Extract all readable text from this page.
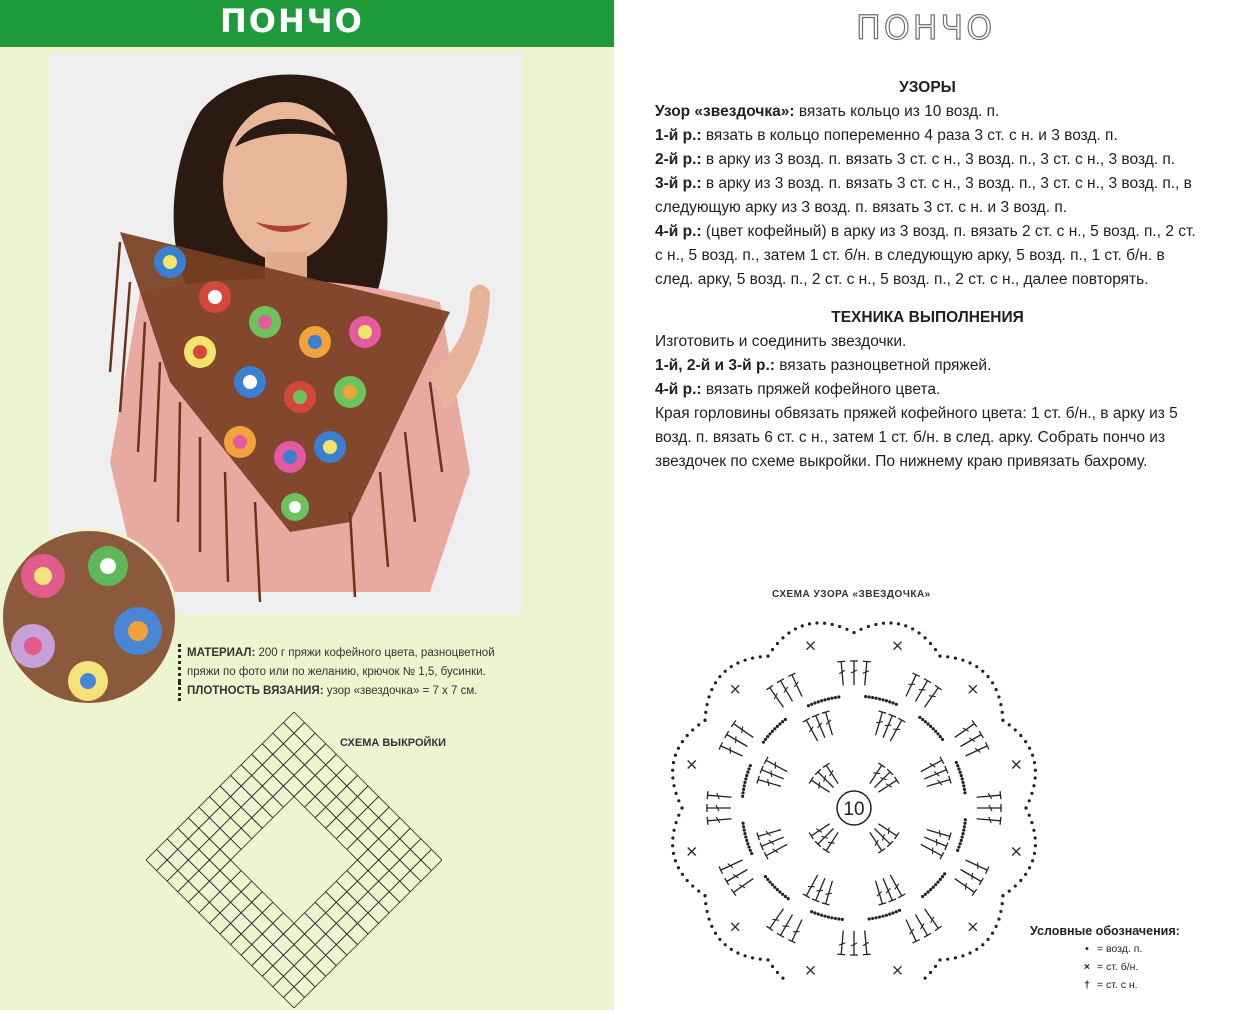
ПОНЧО
МАТЕРИАЛ: 200 г пряжи кофейного цвета, разноцветной
пряжи по фото или по желанию, крючок № 1,5, бусинки.
ПЛОТНОСТЬ ВЯЗАНИЯ: узор «звездочка» = 7 х 7 см.
СХЕМА ВЫКРОЙКИ
ПОНЧО

УЗОРЫ

Узор «звездочка»: вязать кольцо из 10 возд. п.

1-й р.: вязать в кольцо попеременно 4 раза 3 ст. с н. и 3 возд. п.

2-й р.: в арку из 3 возд. п. вязать 3 ст. с н., 3 возд. п., 3 ст. с н., 3 возд. п.

3-й р.: в арку из 3 возд. п. вязать 3 ст. с н., 3 возд. п., 3 ст. с н., 3 возд. п., в следующую арку из 3 возд. п. вязать 3 ст. с н. и 3 возд. п.

4-й р.: (цвет кофейный) в арку из 3 возд. п. вязать 2 ст. с н., 5 возд. п., 2 ст. с н., 5 возд. п., затем 1 ст. б/н. в следующую арку, 5 возд. п., 1 ст. б/н. в след. арку, 5 возд. п., 2 ст. с н., 5 возд. п., 2 ст. с н., далее повторять.

ТЕХНИКА ВЫПОЛНЕНИЯ

Изготовить и соединить звездочки.

1-й, 2-й и 3-й р.: вязать разноцветной пряжей.

4-й р.: вязать пряжей кофейного цвета.

Края горловины обвязать пряжей кофейного цвета: 1 ст. б/н., в арку из 5 возд. п. вязать 6 ст. с н., затем 1 ст. б/н. в след. арку. Собрать пончо из звездочек по схеме выкройки. По нижнему краю привязать бахрому.

СХЕМА УЗОРА «ЗВЕЗДОЧКА»
10
Условные обозначения:
• = возд. п.
× = ст. б/н.
† = ст. с н.
